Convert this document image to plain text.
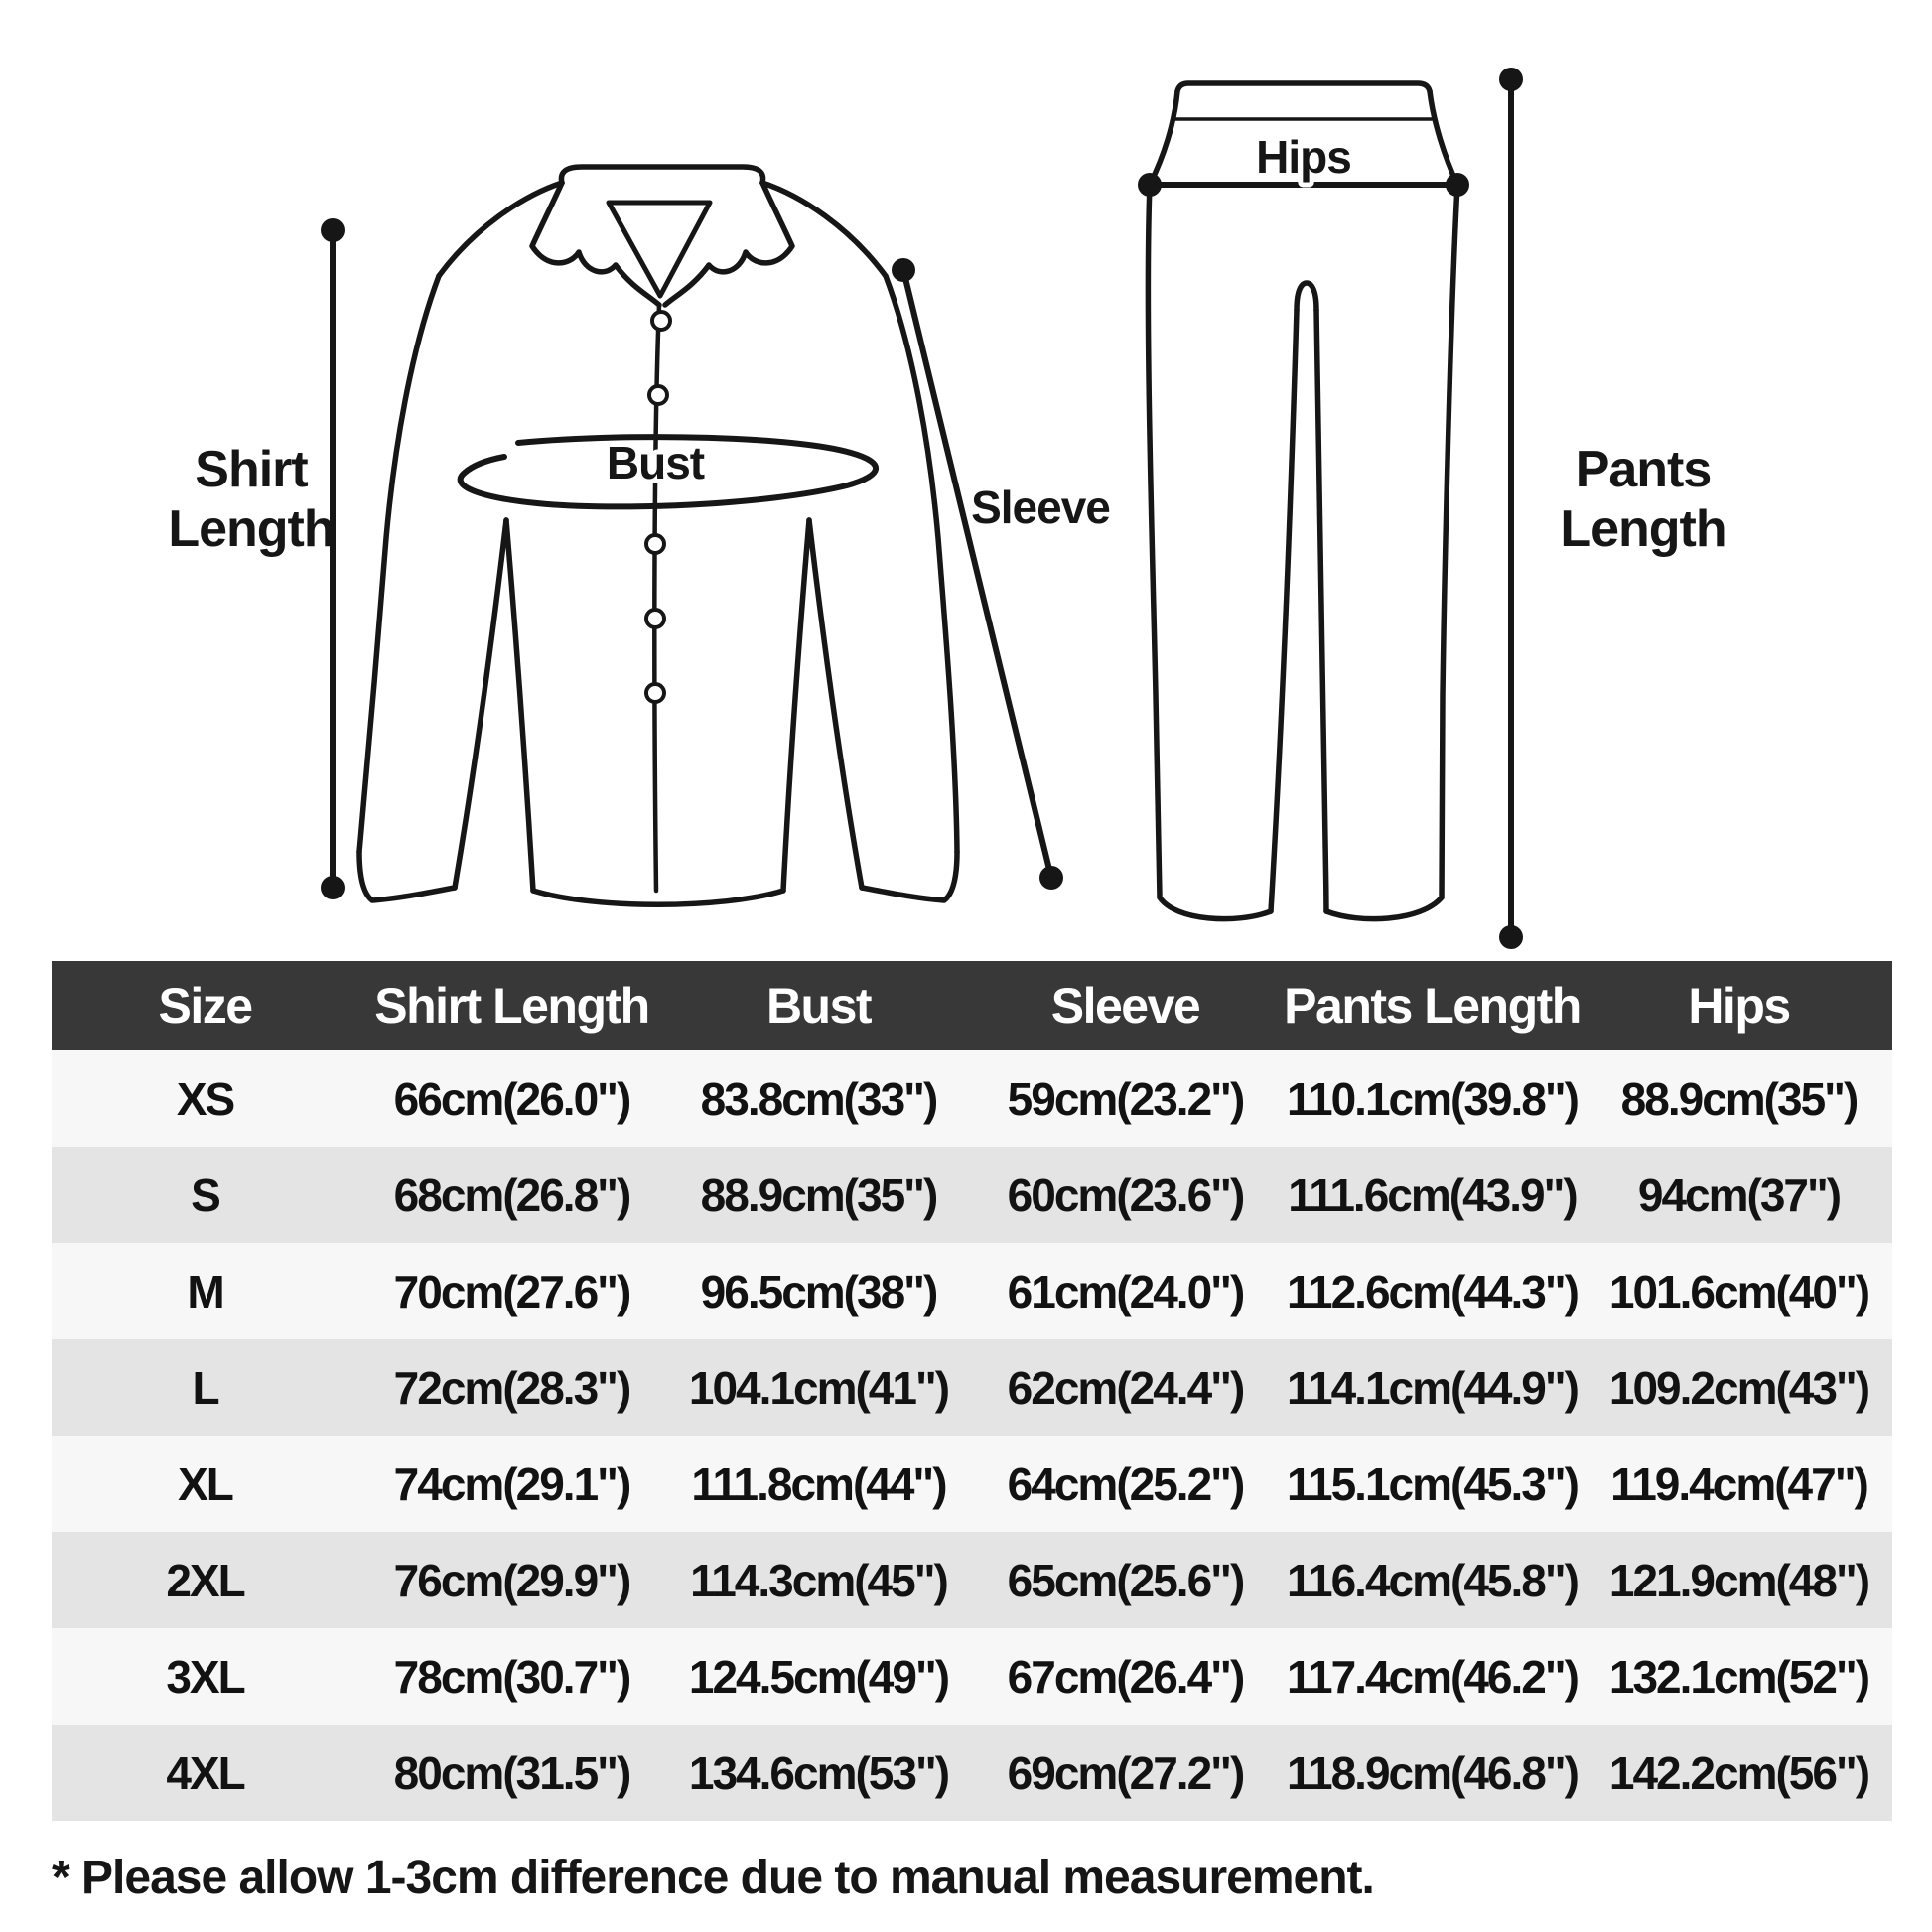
Shirt
Length
Bust
Sleeve
Hips
Pants
Length
Size	Shirt Length	Bust	Sleeve	Pants Length	Hips
XS	66cm(26.0")	83.8cm(33")	59cm(23.2")	110.1cm(39.8")	88.9cm(35")
S	68cm(26.8")	88.9cm(35")	60cm(23.6")	111.6cm(43.9")	94cm(37")
M	70cm(27.6")	96.5cm(38")	61cm(24.0")	112.6cm(44.3")	101.6cm(40")
L	72cm(28.3")	104.1cm(41")	62cm(24.4")	114.1cm(44.9")	109.2cm(43")
XL	74cm(29.1")	111.8cm(44")	64cm(25.2")	115.1cm(45.3")	119.4cm(47")
2XL	76cm(29.9")	114.3cm(45")	65cm(25.6")	116.4cm(45.8")	121.9cm(48")
3XL	78cm(30.7")	124.5cm(49")	67cm(26.4")	117.4cm(46.2")	132.1cm(52")
4XL	80cm(31.5")	134.6cm(53")	69cm(27.2")	118.9cm(46.8")	142.2cm(56")
* Please allow 1-3cm difference due to manual measurement.
